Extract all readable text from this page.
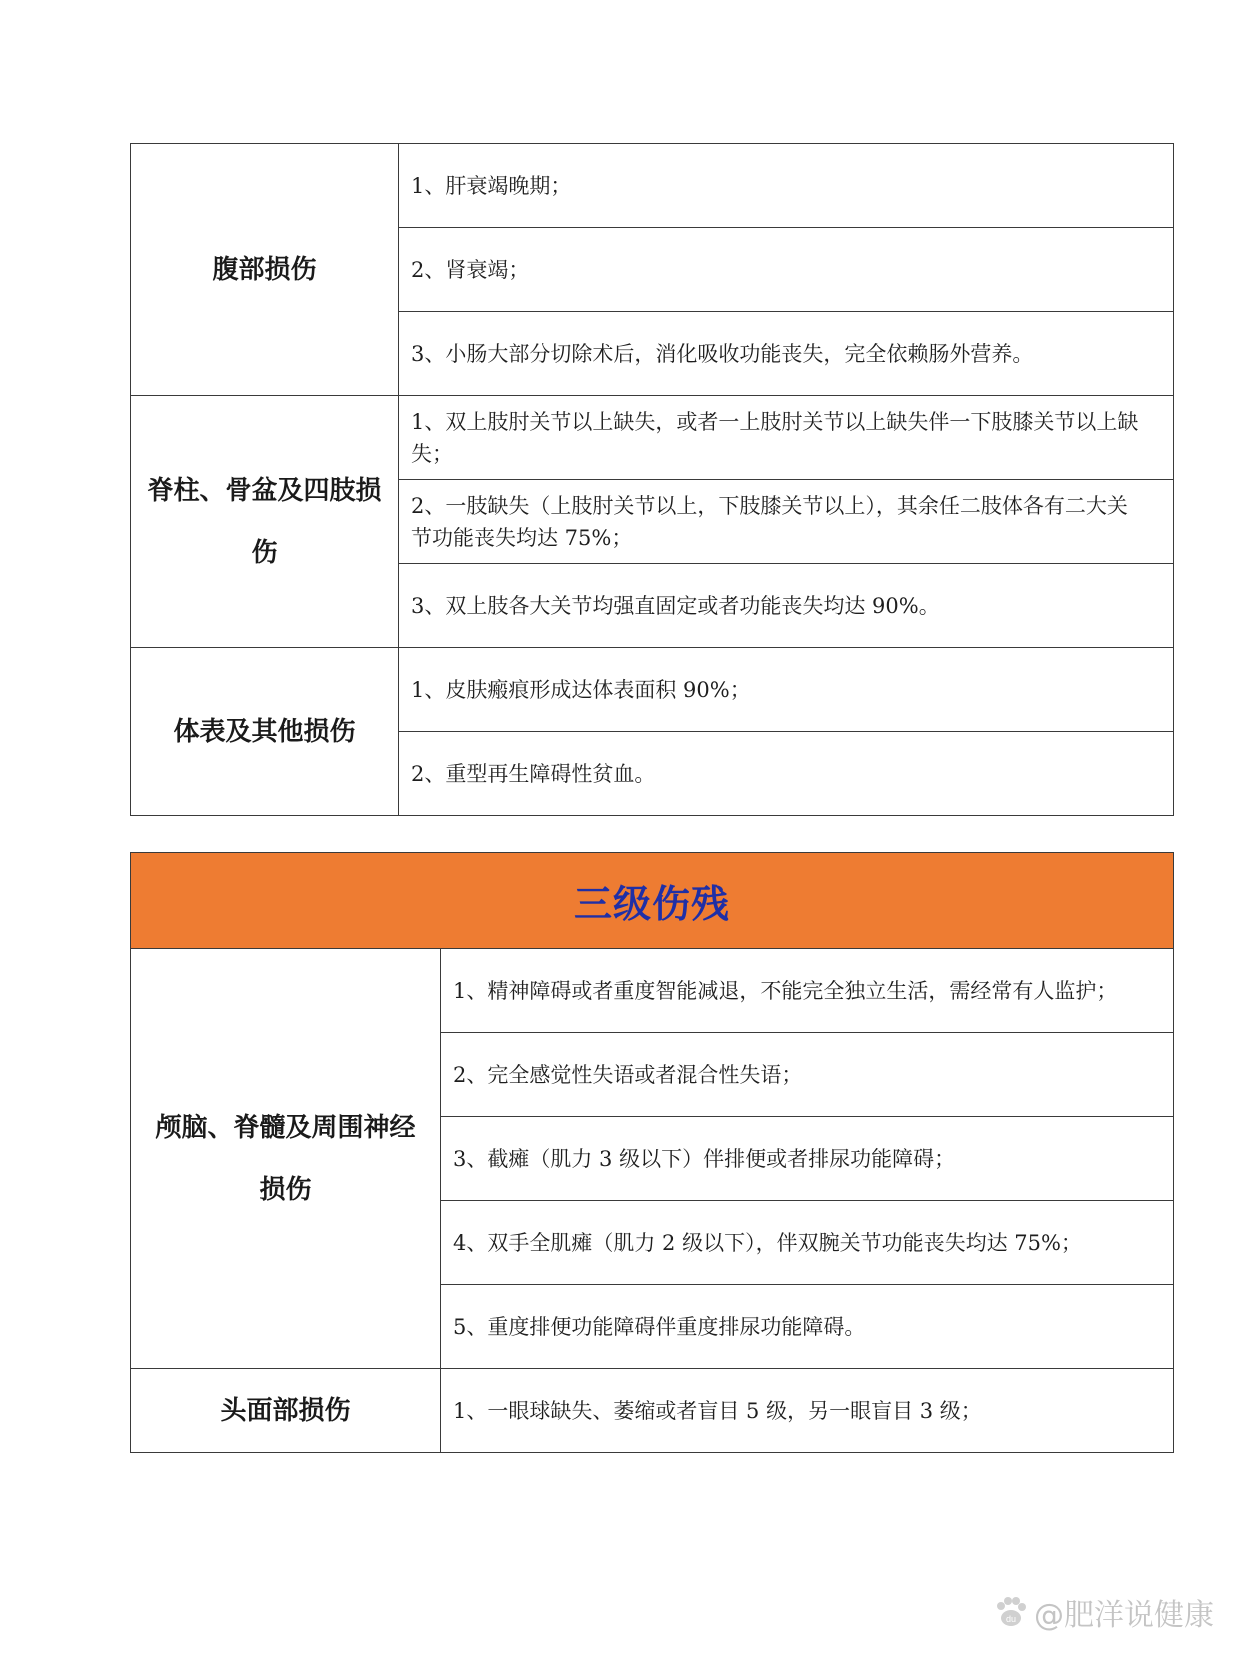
腹部损伤	1、肝衰竭晚期；
	2、肾衰竭；
	3、小肠大部分切除术后，消化吸收功能丧失，完全依赖肠外营养。
脊柱、骨盆及四肢损伤	1、双上肢肘关节以上缺失，或者一上肢肘关节以上缺失伴一下肢膝关节以上缺失；
	2、一肢缺失（上肢肘关节以上，下肢膝关节以上），其余任二肢体各有二大关节功能丧失均达 75%；
	3、双上肢各大关节均强直固定或者功能丧失均达 90%。
体表及其他损伤	1、皮肤瘢痕形成达体表面积 90%；
	2、重型再生障碍性贫血。
三级伤残	
颅脑、脊髓及周围神经损伤	1、精神障碍或者重度智能减退，不能完全独立生活，需经常有人监护；
	2、完全感觉性失语或者混合性失语；
	3、截瘫（肌力 3 级以下）伴排便或者排尿功能障碍；
	4、双手全肌瘫（肌力 2 级以下），伴双腕关节功能丧失均达 75%；
	5、重度排便功能障碍伴重度排尿功能障碍。
头面部损伤	1、一眼球缺失、萎缩或者盲目 5 级，另一眼盲目 3 级；
du @肥洋说健康
